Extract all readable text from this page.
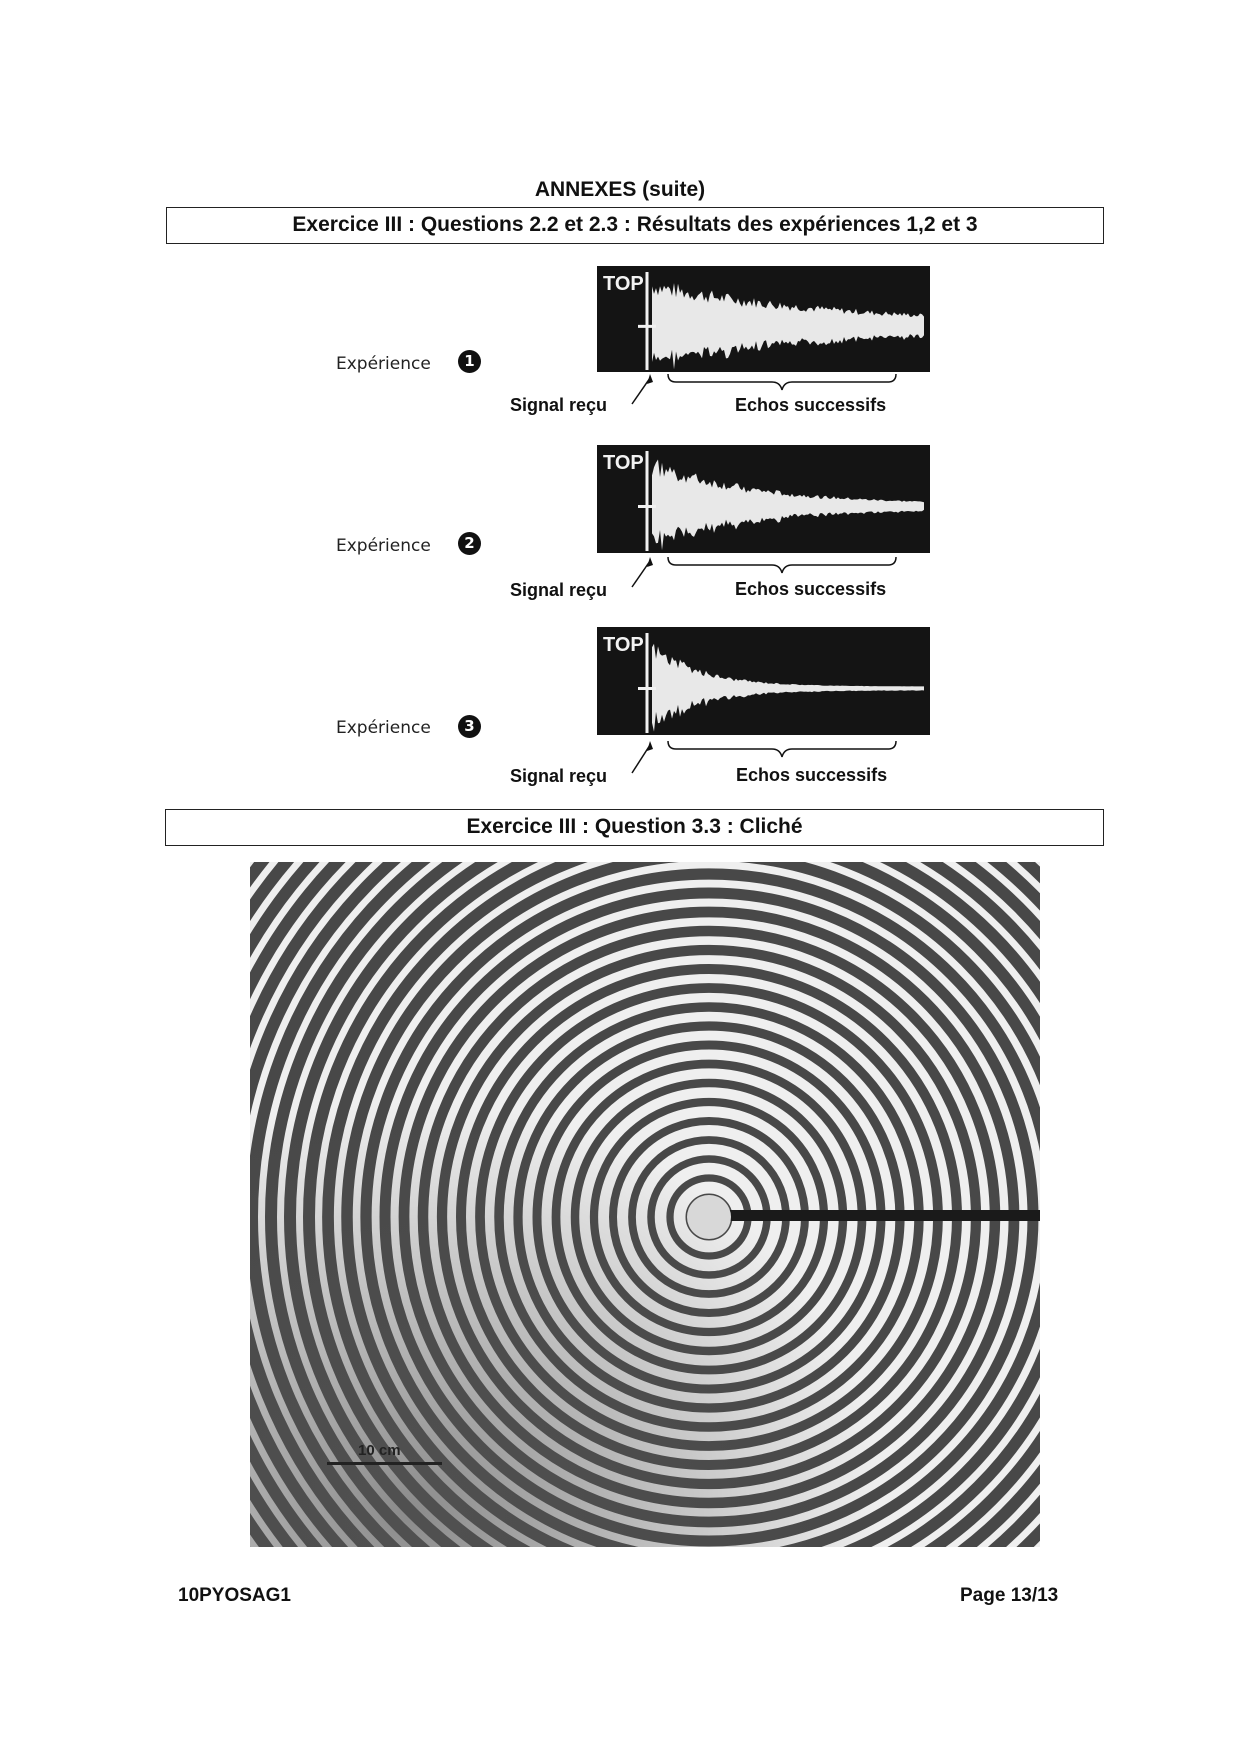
ANNEXES (suite)
Exercice III : Questions 2.2 et 2.3 : Résultats des expériences 1,2 et 3
Expérience	1
TOP
Signal reçu	Echos successifs
Expérience	2
TOP
Signal reçu	Echos successifs
Expérience	3
TOP
Signal reçu	Echos successifs
Exercice III : Question 3.3 : Cliché
10 cm
10PYOSAG1	Page 13/13
